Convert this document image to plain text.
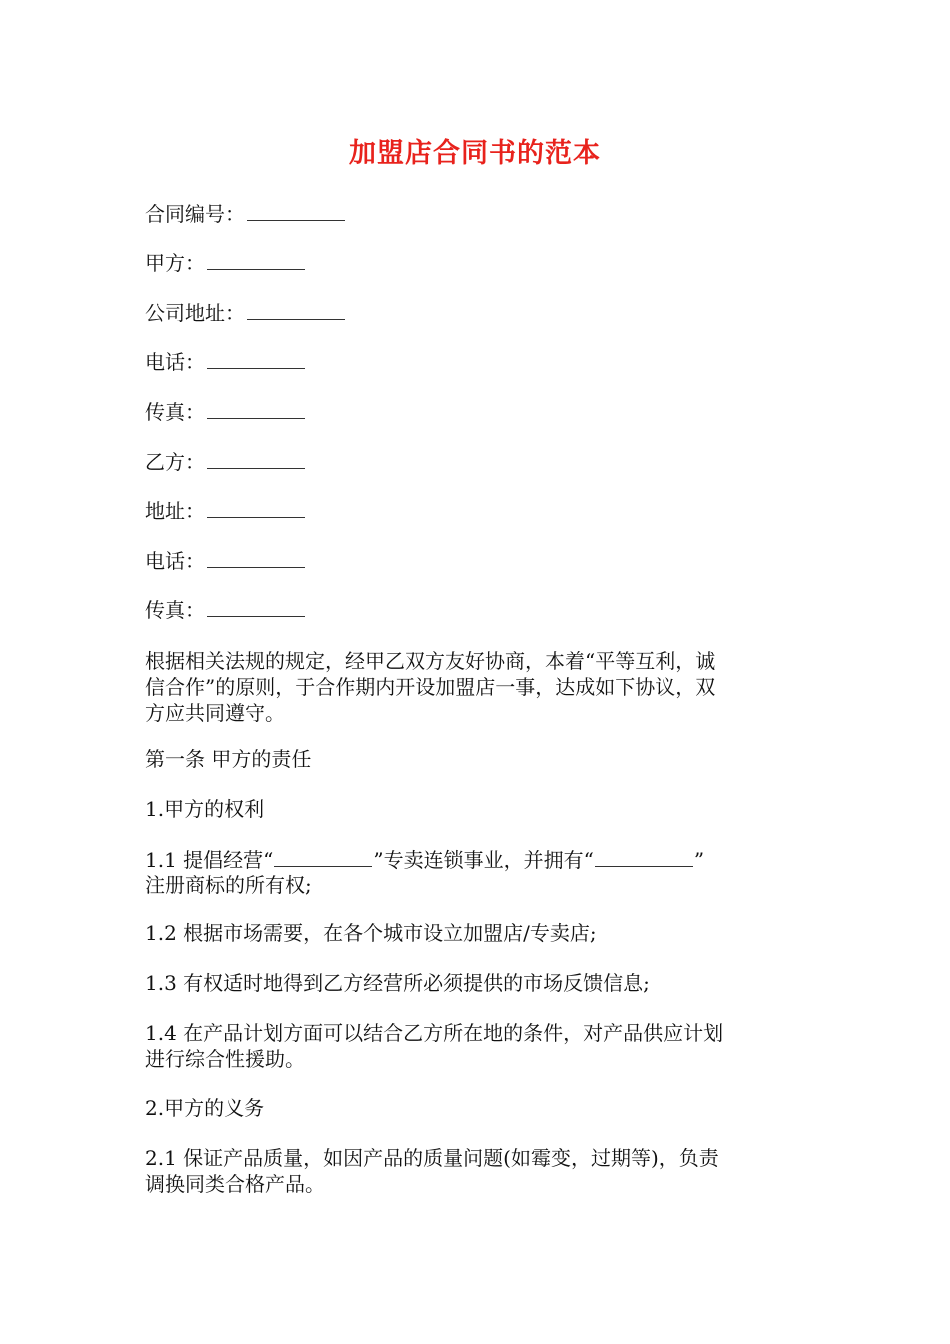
加盟店合同书的范本
合同编号：
甲方：
公司地址：
电话：
传真：
乙方：
地址：
电话：
传真：
根据相关法规的规定，经甲乙双方友好协商，本着“平等互利，诚
信合作”的原则，于合作期内开设加盟店一事，达成如下协议，双
方应共同遵守。
第一条 甲方的责任
1.甲方的权利
1.1 提倡经营“	”专卖连锁事业，并拥有“	”
注册商标的所有权;
1.2 根据市场需要，在各个城市设立加盟店/专卖店;
1.3 有权适时地得到乙方经营所必须提供的市场反馈信息;
1.4 在产品计划方面可以结合乙方所在地的条件，对产品供应计划
进行综合性援助。
2.甲方的义务
2.1 保证产品质量，如因产品的质量问题(如霉变，过期等)，负责
调换同类合格产品。
